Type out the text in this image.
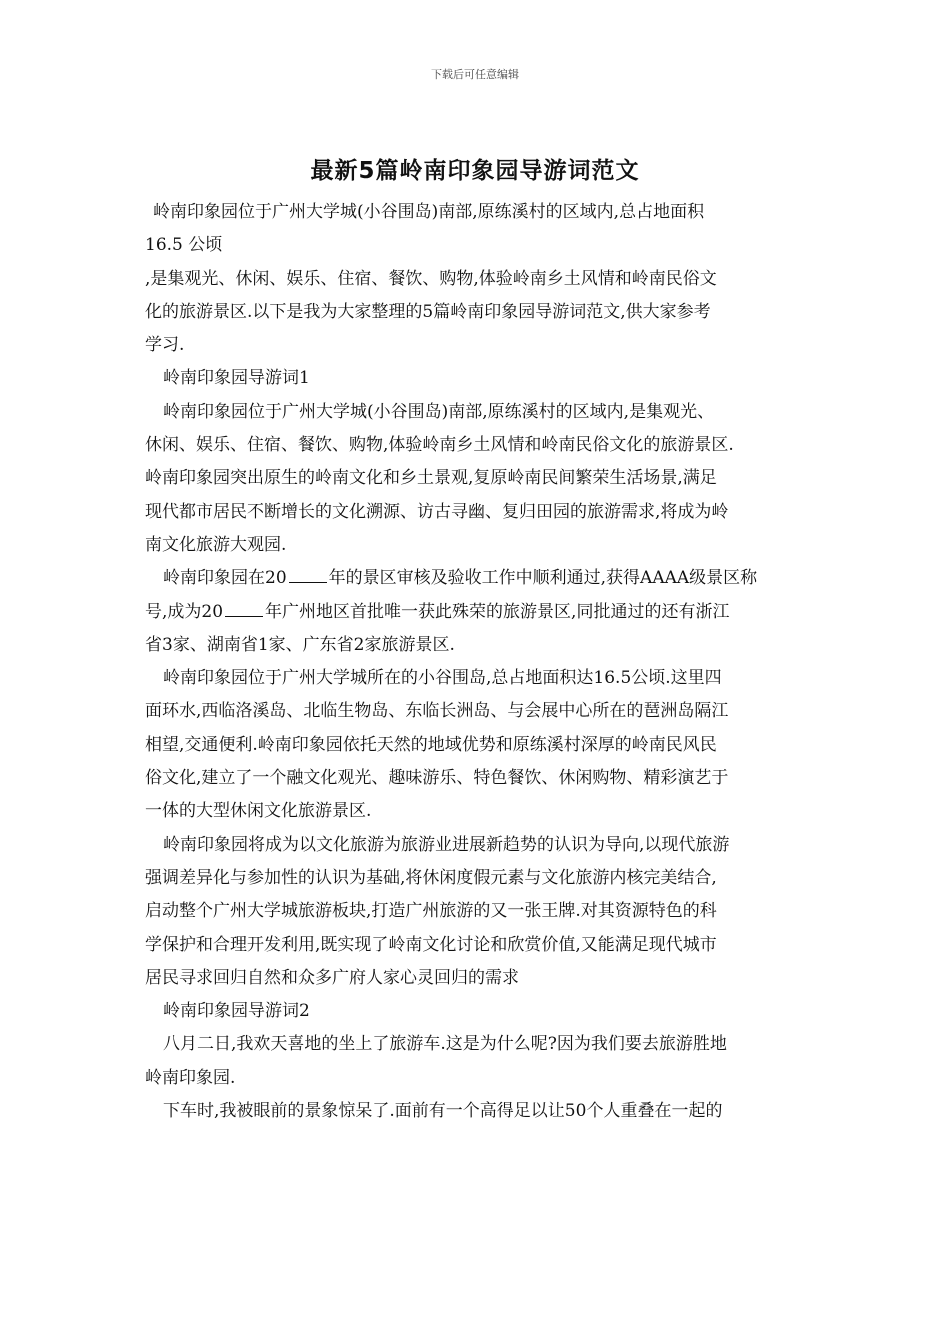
下载后可任意编辑
最新5篇岭南印象园导游词范文
岭南印象园位于广州大学城(小谷围岛)南部,原练溪村的区域内,总占地面积
16.5 公顷
,是集观光、休闲、娱乐、住宿、餐饮、购物,体验岭南乡土风情和岭南民俗文
化的旅游景区.以下是我为大家整理的5篇岭南印象园导游词范文,供大家参考
学习.
岭南印象园导游词1
岭南印象园位于广州大学城(小谷围岛)南部,原练溪村的区域内,是集观光、
休闲、娱乐、住宿、餐饮、购物,体验岭南乡土风情和岭南民俗文化的旅游景区.
岭南印象园突出原生的岭南文化和乡土景观,复原岭南民间繁荣生活场景,满足
现代都市居民不断增长的文化溯源、访古寻幽、复归田园的旅游需求,将成为岭
南文化旅游大观园.
岭南印象园在20 年的景区审核及验收工作中顺利通过,获得AAAA级景区称
号,成为20 年广州地区首批唯一获此殊荣的旅游景区,同批通过的还有浙江
省3家、湖南省1家、广东省2家旅游景区.
岭南印象园位于广州大学城所在的小谷围岛,总占地面积达16.5公顷.这里四
面环水,西临洛溪岛、北临生物岛、东临长洲岛、与会展中心所在的琶洲岛隔江
相望,交通便利.岭南印象园依托天然的地域优势和原练溪村深厚的岭南民风民
俗文化,建立了一个融文化观光、趣味游乐、特色餐饮、休闲购物、精彩演艺于
一体的大型休闲文化旅游景区.
岭南印象园将成为以文化旅游为旅游业进展新趋势的认识为导向,以现代旅游
强调差异化与参加性的认识为基础,将休闲度假元素与文化旅游内核完美结合,
启动整个广州大学城旅游板块,打造广州旅游的又一张王牌.对其资源特色的科
学保护和合理开发利用,既实现了岭南文化讨论和欣赏价值,又能满足现代城市
居民寻求回归自然和众多广府人家心灵回归的需求
岭南印象园导游词2
八月二日,我欢天喜地的坐上了旅游车.这是为什么呢?因为我们要去旅游胜地
岭南印象园.
下车时,我被眼前的景象惊呆了.面前有一个高得足以让50个人重叠在一起的
